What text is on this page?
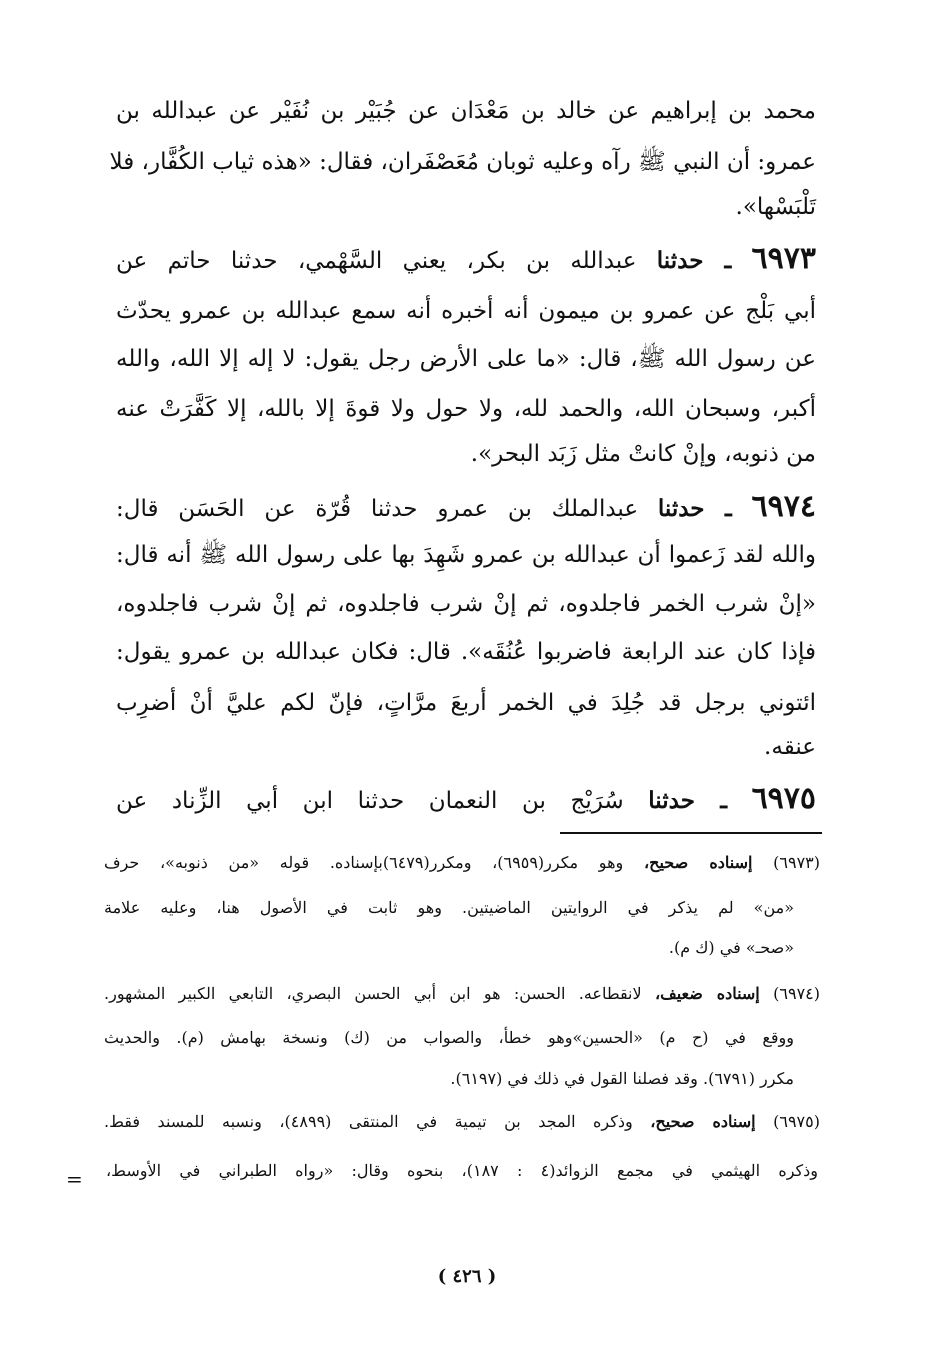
محمد بن إبراهيم عن خالد بن مَعْدَان عن جُبَيْر بن نُفَيْر عن عبدالله بن
عمرو: أن النبي ﷺ رآه وعليه ثوبان مُعَصْفَران، فقال: «هذه ثياب الكُفَّار، فلا
تَلْبَسْها».
٦٩٧٣ ـ حدثنا عبدالله بن بكر، يعني السَّهْمي، حدثنا حاتم عن
أبي بَلْج عن عمرو بن ميمون أنه أخبره أنه سمع عبدالله بن عمرو يحدّث
عن رسول الله ﷺ، قال: «ما على الأرض رجل يقول: لا إله إلا الله، والله
أكبر، وسبحان الله، والحمد لله، ولا حول ولا قوةَ إلا بالله، إلا كَفَّرَتْ عنه
من ذنوبه، وإنْ كانتْ مثل زَبَد البحر».
٦٩٧٤ ـ حدثنا عبدالملك بن عمرو حدثنا قُرّة عن الحَسَن قال:
والله لقد زَعموا أن عبدالله بن عمرو شَهِدَ بها على رسول الله ﷺ أنه قال:
«إنْ شرب الخمر فاجلدوه، ثم إنْ شرب فاجلدوه، ثم إنْ شرب فاجلدوه،
فإذا كان عند الرابعة فاضربوا عُنُقَه». قال: فكان عبدالله بن عمرو يقول:
ائتوني برجل قد جُلِدَ في الخمر أربعَ مرَّاتٍ، فإنّ لكم عليَّ أنْ أضرِب
عنقه.
٦٩٧٥ ـ حدثنا سُرَيْج بن النعمان حدثنا ابن أبي الزِّناد عن
(٦٩٧٣) إسناده صحيح، وهو مكرر(٦٩٥٩)، ومكرر(٦٤٧٩)بإسناده. قوله «من ذنوبه»، حرف
«من» لم يذكر في الروايتين الماضيتين. وهو ثابت في الأصول هنا، وعليه علامة
«صحـ» في (ك م).
(٦٩٧٤) إسناده ضعيف، لانقطاعه. الحسن: هو ابن أبي الحسن البصري، التابعي الكبير المشهور.
ووقع في (ح م) «الحسين»وهو خطأ، والصواب من (ك) ونسخة بهامش (م). والحديث
مكرر (٦٧٩١). وقد فصلنا القول في ذلك في (٦١٩٧).
(٦٩٧٥) إسناده صحيح، وذكره المجد بن تيمية في المنتقى (٤٨٩٩)، ونسبه للمسند فقط.
وذكره الهيثمي في مجمع الزوائد(٤ : ١٨٧)، بنحوه وقال: «رواه الطبراني في الأوسط،
=
( ٤٢٦ )
